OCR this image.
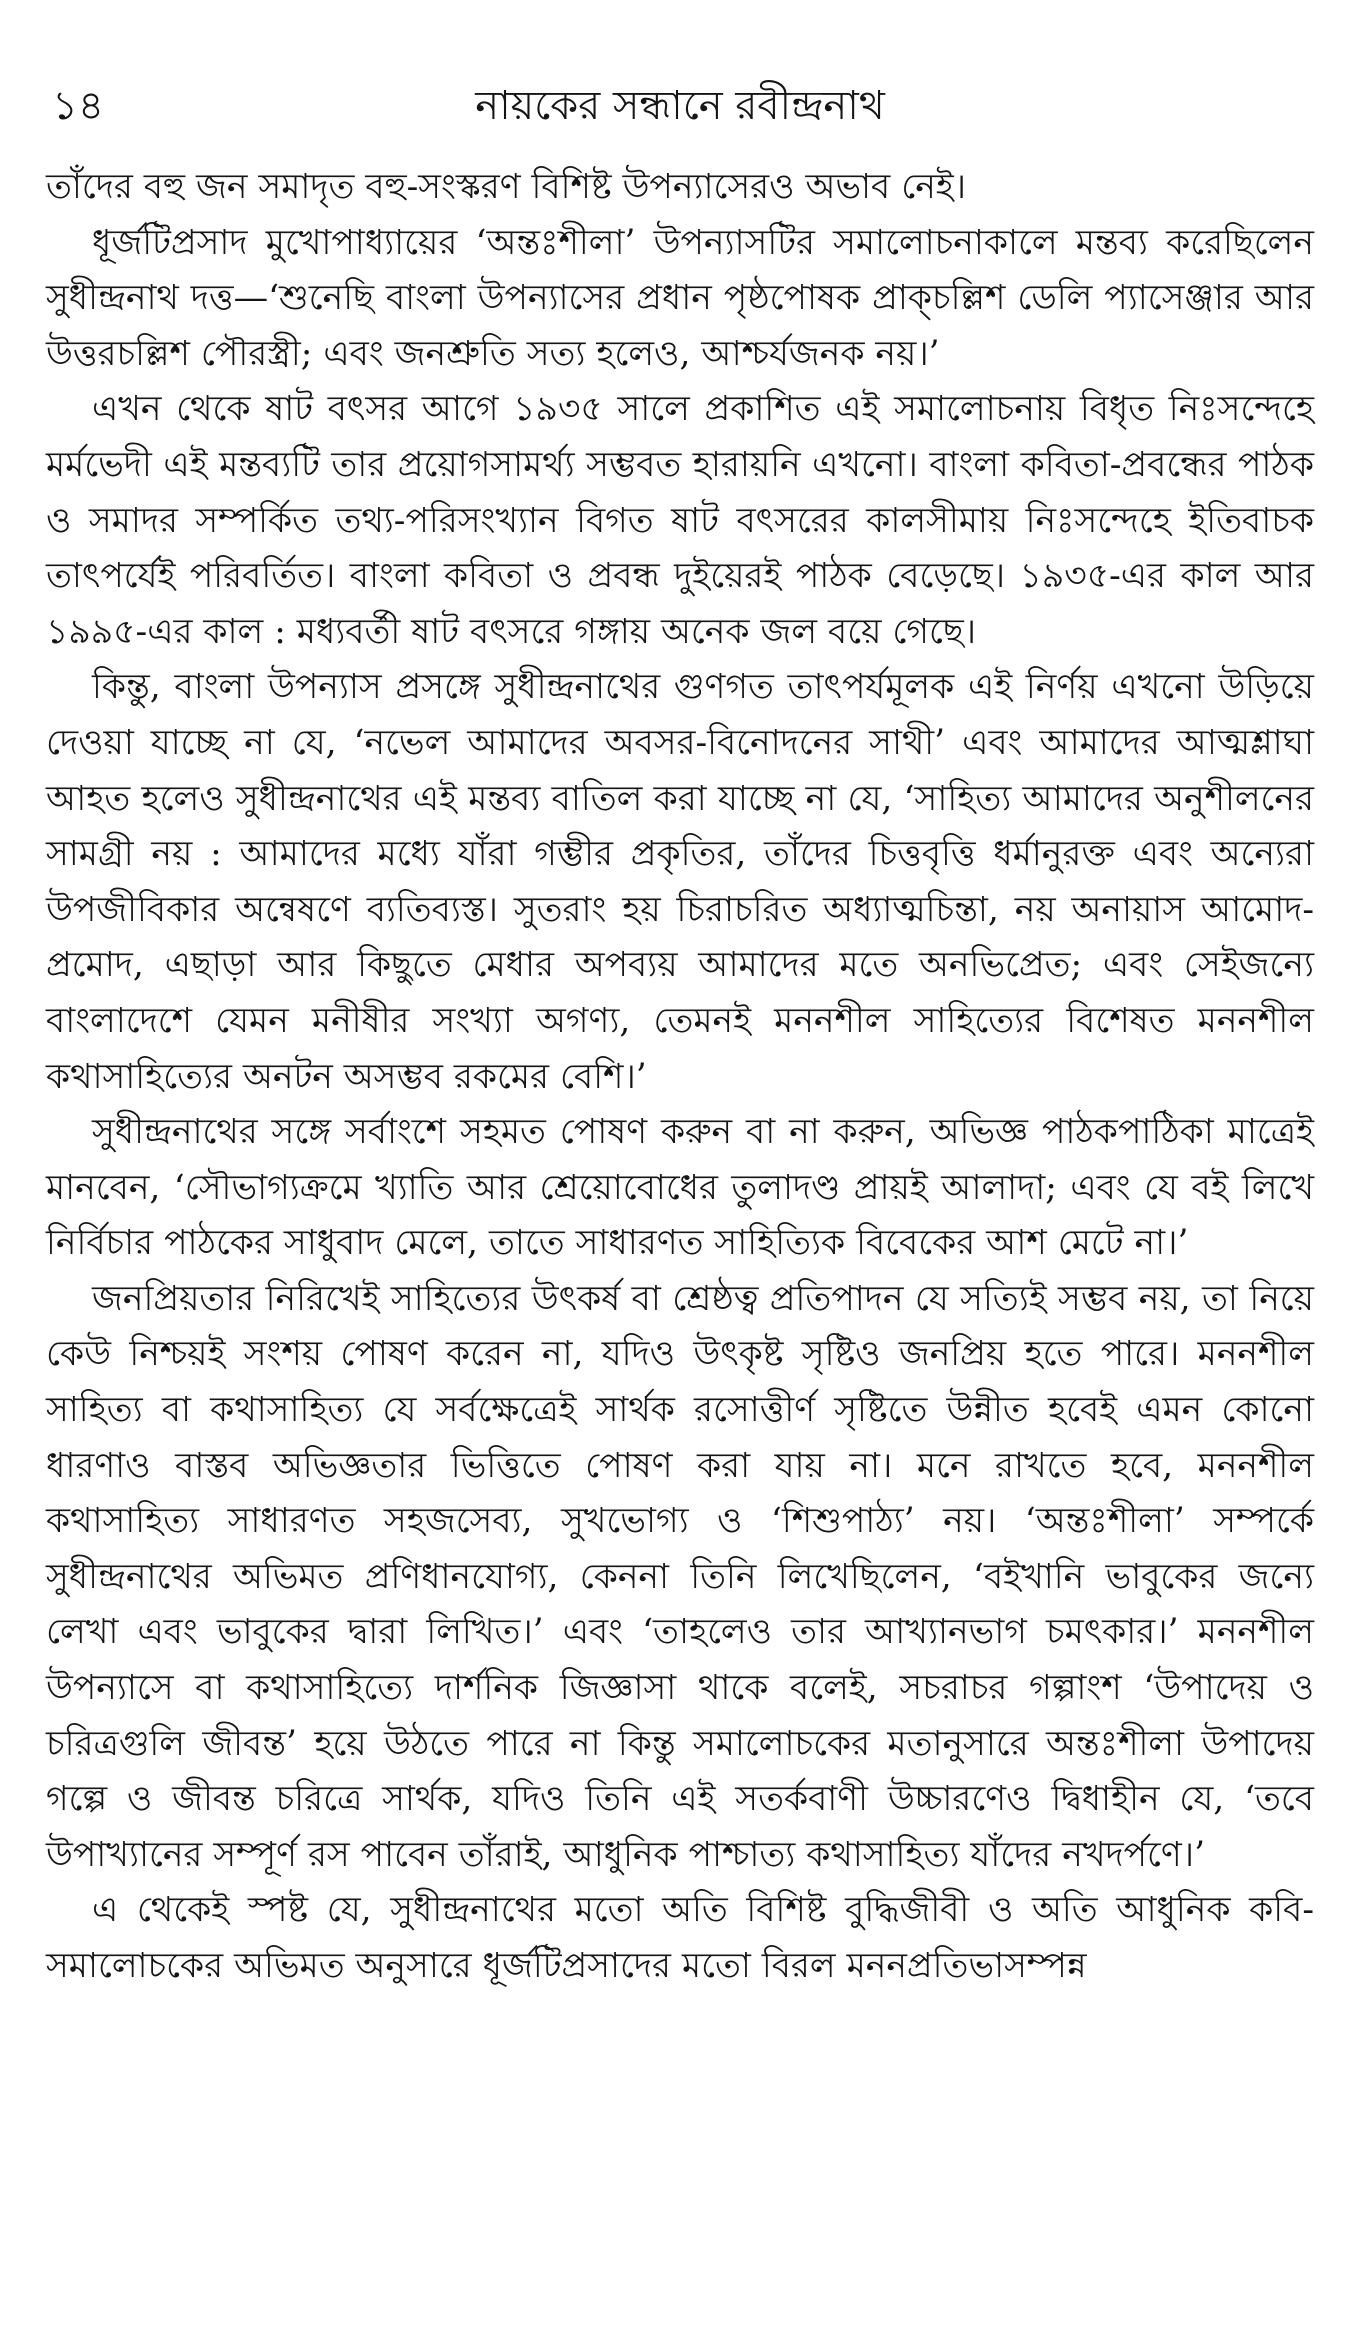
১৪	নায়কের সন্ধানে রবীন্দ্রনাথ

তাঁদের বহু জন সমাদৃত বহু-সংস্করণ বিশিষ্ট উপন্যাসেরও অভাব নেই।

ধূর্জটিপ্রসাদ মুখোপাধ্যায়ের ‘অন্তঃশীলা’ উপন্যাসটির সমালোচনাকালে মন্তব্য করেছিলেন সুধীন্দ্রনাথ দত্ত—‘শুনেছি বাংলা উপন্যাসের প্রধান পৃষ্ঠপোষক প্রাক্চল্লিশ ডেলি প্যাসেঞ্জার আর উত্তরচল্লিশ পৌরস্ত্রী; এবং জনশ্রুতি সত্য হলেও, আশ্চর্যজনক নয়।’

এখন থেকে ষাট বৎসর আগে ১৯৩৫ সালে প্রকাশিত এই সমালোচনায় বিধৃত নিঃসন্দেহে মর্মভেদী এই মন্তব্যটি তার প্রয়োগসামর্থ্য সম্ভবত হারায়নি এখনো। বাংলা কবিতা-প্রবন্ধের পাঠক ও সমাদর সম্পর্কিত তথ্য-পরিসংখ্যান বিগত ষাট বৎসরের কালসীমায় নিঃসন্দেহে ইতিবাচক তাৎপর্যেই পরিবর্তিত। বাংলা কবিতা ও প্রবন্ধ দুইয়েরই পাঠক বেড়েছে। ১৯৩৫-এর কাল আর ১৯৯৫-এর কাল : মধ্যবর্তী ষাট বৎসরে গঙ্গায় অনেক জল বয়ে গেছে।

কিন্তু, বাংলা উপন্যাস প্রসঙ্গে সুধীন্দ্রনাথের গুণগত তাৎপর্যমূলক এই নির্ণয় এখনো উড়িয়ে দেওয়া যাচ্ছে না যে, ‘নভেল আমাদের অবসর-বিনোদনের সাথী’ এবং আমাদের আত্মশ্লাঘা আহত হলেও সুধীন্দ্রনাথের এই মন্তব্য বাতিল করা যাচ্ছে না যে, ‘সাহিত্য আমাদের অনুশীলনের সামগ্রী নয় : আমাদের মধ্যে যাঁরা গম্ভীর প্রকৃতির, তাঁদের চিত্তবৃত্তি ধর্মানুরক্ত এবং অন্যেরা উপজীবিকার অন্বেষণে ব্যতিব্যস্ত। সুতরাং হয় চিরাচরিত অধ্যাত্মচিন্তা, নয় অনায়াস আমোদ-প্রমোদ, এছাড়া আর কিছুতে মেধার অপব্যয় আমাদের মতে অনভিপ্রেত; এবং সেইজন্যে বাংলাদেশে যেমন মনীষীর সংখ্যা অগণ্য, তেমনই মননশীল সাহিত্যের বিশেষত মননশীল কথাসাহিত্যের অনটন অসম্ভব রকমের বেশি।’

সুধীন্দ্রনাথের সঙ্গে সর্বাংশে সহমত পোষণ করুন বা না করুন, অভিজ্ঞ পাঠকপাঠিকা মাত্রেই মানবেন, ‘সৌভাগ্যক্রমে খ্যাতি আর শ্রেয়োবোধের তুলাদণ্ড প্রায়ই আলাদা; এবং যে বই লিখে নির্বিচার পাঠকের সাধুবাদ মেলে, তাতে সাধারণত সাহিত্যিক বিবেকের আশ মেটে না।’

জনপ্রিয়তার নিরিখেই সাহিত্যের উৎকর্ষ বা শ্রেষ্ঠত্ব প্রতিপাদন যে সত্যিই সম্ভব নয়, তা নিয়ে কেউ নিশ্চয়ই সংশয় পোষণ করেন না, যদিও উৎকৃষ্ট সৃষ্টিও জনপ্রিয় হতে পারে। মননশীল সাহিত্য বা কথাসাহিত্য যে সর্বক্ষেত্রেই সার্থক রসোত্তীর্ণ সৃষ্টিতে উন্নীত হবেই এমন কোনো ধারণাও বাস্তব অভিজ্ঞতার ভিত্তিতে পোষণ করা যায় না। মনে রাখতে হবে, মননশীল কথাসাহিত্য সাধারণত সহজসেব্য, সুখভোগ্য ও ‘শিশুপাঠ্য’ নয়। ‘অন্তঃশীলা’ সম্পর্কে সুধীন্দ্রনাথের অভিমত প্রণিধানযোগ্য, কেননা তিনি লিখেছিলেন, ‘বইখানি ভাবুকের জন্যে লেখা এবং ভাবুকের দ্বারা লিখিত।’ এবং ‘তাহলেও তার আখ্যানভাগ চমৎকার।’ মননশীল উপন্যাসে বা কথাসাহিত্যে দার্শনিক জিজ্ঞাসা থাকে বলেই, সচরাচর গল্পাংশ ‘উপাদেয় ও চরিত্রগুলি জীবন্ত’ হয়ে উঠতে পারে না কিন্তু সমালোচকের মতানুসারে অন্তঃশীলা উপাদেয় গল্পে ও জীবন্ত চরিত্রে সার্থক, যদিও তিনি এই সতর্কবাণী উচ্চারণেও দ্বিধাহীন যে, ‘তবে উপাখ্যানের সম্পূর্ণ রস পাবেন তাঁরাই, আধুনিক পাশ্চাত্য কথাসাহিত্য যাঁদের নখদর্পণে।’

এ থেকেই স্পষ্ট যে, সুধীন্দ্রনাথের মতো অতি বিশিষ্ট বুদ্ধিজীবী ও অতি আধুনিক কবি-সমালোচকের অভিমত অনুসারে ধূর্জটিপ্রসাদের মতো বিরল মননপ্রতিভাসম্পন্ন
